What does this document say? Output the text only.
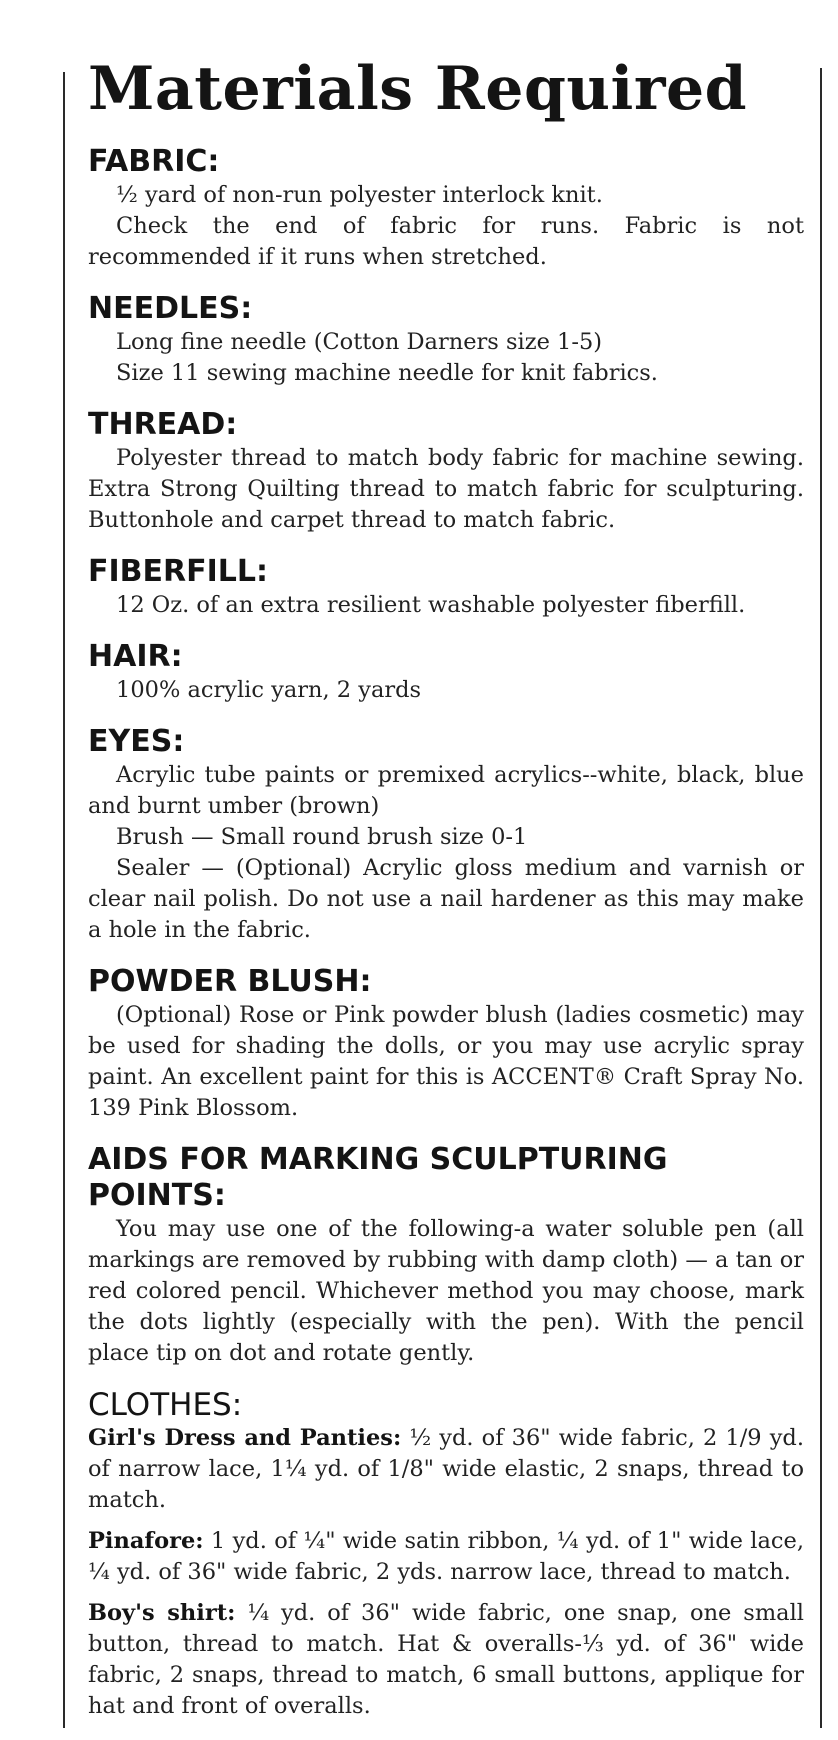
Materials Required
FABRIC:

½ yard of non-run polyester interlock knit.

Check the end of fabric for runs. Fabric is not recommended if it runs when stretched.

NEEDLES:

Long fine needle (Cotton Darners size 1-5)

Size 11 sewing machine needle for knit fabrics.

THREAD:

Polyester thread to match body fabric for machine sewing. Extra Strong Quilting thread to match fabric for sculpturing. Buttonhole and carpet thread to match fabric.

FIBERFILL:

12 Oz. of an extra resilient washable polyester fiberfill.

HAIR:

100% acrylic yarn, 2 yards

EYES:

Acrylic tube paints or premixed acrylics--white, black, blue and burnt umber (brown)

Brush — Small round brush size 0-1

Sealer — (Optional) Acrylic gloss medium and varnish or clear nail polish. Do not use a nail hardener as this may make a hole in the fabric.

POWDER BLUSH:

(Optional) Rose or Pink powder blush (ladies cosmetic) may be used for shading the dolls, or you may use acrylic spray paint. An excellent paint for this is ACCENT® Craft Spray No. 139 Pink Blossom.

AIDS FOR MARKING SCULPTURING POINTS:

You may use one of the following-a water soluble pen (all markings are removed by rubbing with damp cloth) — a tan or red colored pencil. Whichever method you may choose, mark the dots lightly (especially with the pen). With the pencil place tip on dot and rotate gently.

CLOTHES:

Girl's Dress and Panties: ½ yd. of 36" wide fabric, 2 1/9 yd. of narrow lace, 1¼ yd. of 1/8" wide elastic, 2 snaps, thread to match.

Pinafore: 1 yd. of ¼" wide satin ribbon, ¼ yd. of 1" wide lace, ¼ yd. of 36" wide fabric, 2 yds. narrow lace, thread to match.

Boy's shirt: ¼ yd. of 36" wide fabric, one snap, one small button, thread to match. Hat & overalls-⅓ yd. of 36" wide fabric, 2 snaps, thread to match, 6 small buttons, applique for hat and front of overalls.
